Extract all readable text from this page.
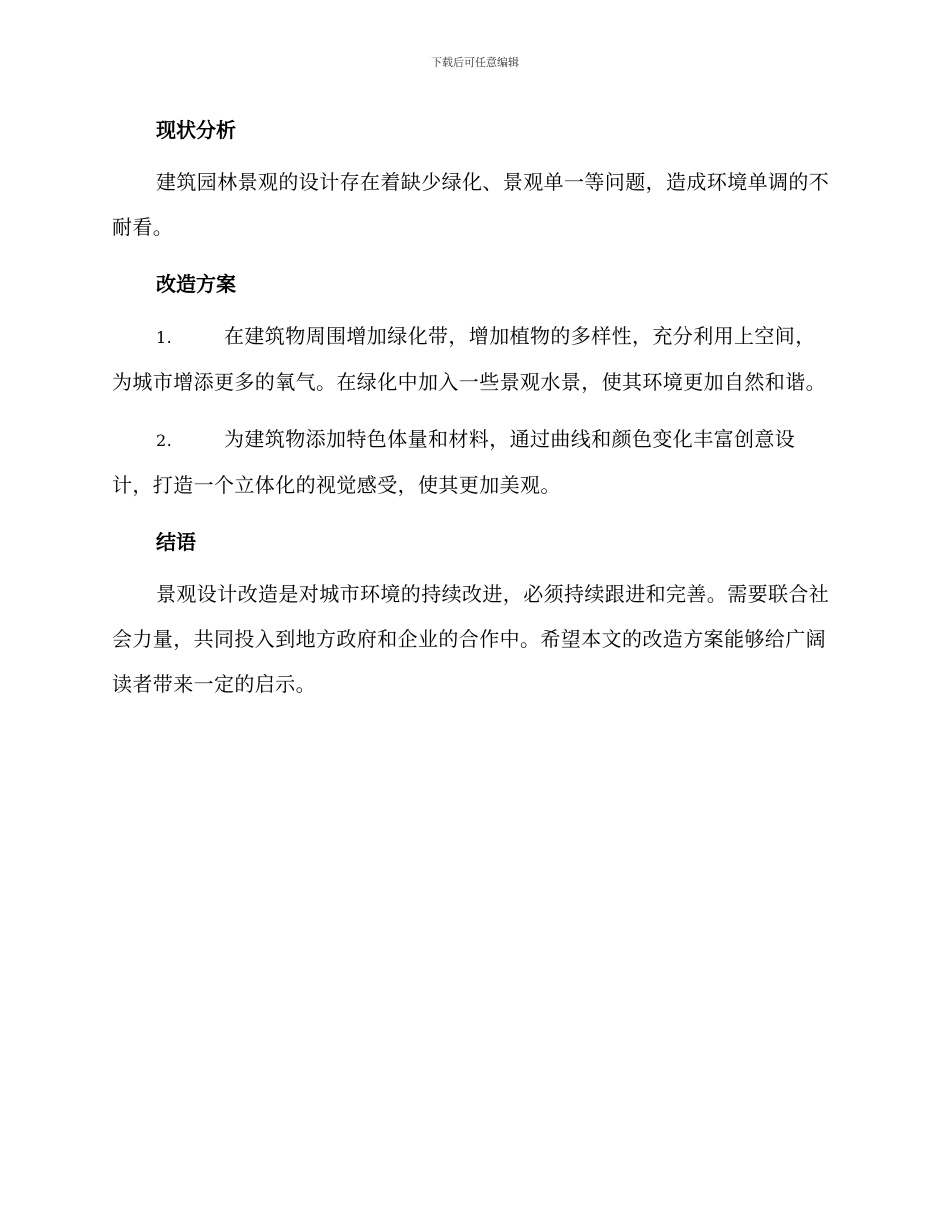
下载后可任意编辑
现状分析

建筑园林景观的设计存在着缺少绿化、景观单一等问题，造成环境单调的不耐看。

改造方案

1.	在建筑物周围增加绿化带，增加植物的多样性，充分利用上空间，为城市增添更多的氧气。在绿化中加入一些景观水景，使其环境更加自然和谐。

2.	为建筑物添加特色体量和材料，通过曲线和颜色变化丰富创意设计，打造一个立体化的视觉感受，使其更加美观。

结语

景观设计改造是对城市环境的持续改进，必须持续跟进和完善。需要联合社会力量，共同投入到地方政府和企业的合作中。希望本文的改造方案能够给广阔读者带来一定的启示。
